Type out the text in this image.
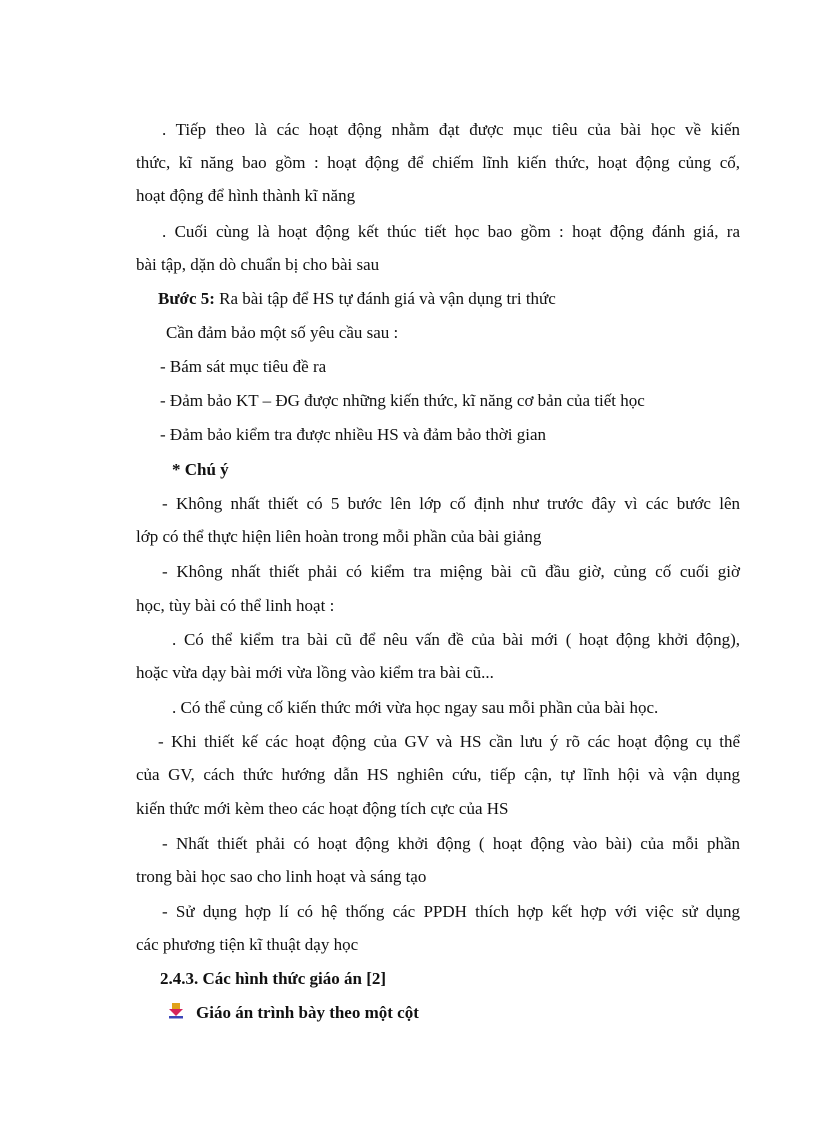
. Tiếp theo là các hoạt động nhằm đạt được mục tiêu của bài học về kiến
thức, kĩ năng bao gồm : hoạt động để chiếm lĩnh kiến thức, hoạt động củng cố,
hoạt động để hình thành kĩ năng
. Cuối cùng là hoạt động kết thúc tiết học bao gồm : hoạt động đánh giá, ra
bài tập, dặn dò chuẩn bị cho bài sau
Bước 5: Ra bài tập để HS tự đánh giá và vận dụng tri thức
Cần đảm bảo một số yêu cầu sau :
- Bám sát mục tiêu đề ra
- Đảm bảo KT – ĐG được những kiến thức, kĩ năng cơ bản của tiết học
- Đảm bảo kiểm tra được nhiều HS và đảm bảo thời gian
* Chú ý
- Không nhất thiết có 5 bước lên lớp cố định như trước đây vì các bước lên
lớp có thể thực hiện liên hoàn trong mỗi phần của bài giảng
- Không nhất thiết phải có kiểm tra miệng bài cũ đầu giờ, củng cố cuối giờ
học, tùy bài có thể linh hoạt :
. Có thể kiểm tra bài cũ để nêu vấn đề của bài mới ( hoạt động khởi động),
hoặc vừa dạy bài mới vừa lồng vào kiểm tra bài cũ...
. Có thể củng cố kiến thức mới vừa học ngay sau mỗi phần của bài học.
- Khi thiết kế các hoạt động của GV và HS cần lưu ý rõ các hoạt động cụ thể
của GV, cách thức hướng dẫn HS nghiên cứu, tiếp cận, tự lĩnh hội và vận dụng
kiến thức mới kèm theo các hoạt động tích cực của HS
- Nhất thiết phải có hoạt động khởi động ( hoạt động vào bài) của mỗi phần
trong bài học sao cho linh hoạt và sáng tạo
- Sử dụng hợp lí có hệ thống các PPDH thích hợp kết hợp với việc sử dụng
các phương tiện kĩ thuật dạy học
2.4.3. Các hình thức giáo án [2]
Giáo án trình bày theo một cột
